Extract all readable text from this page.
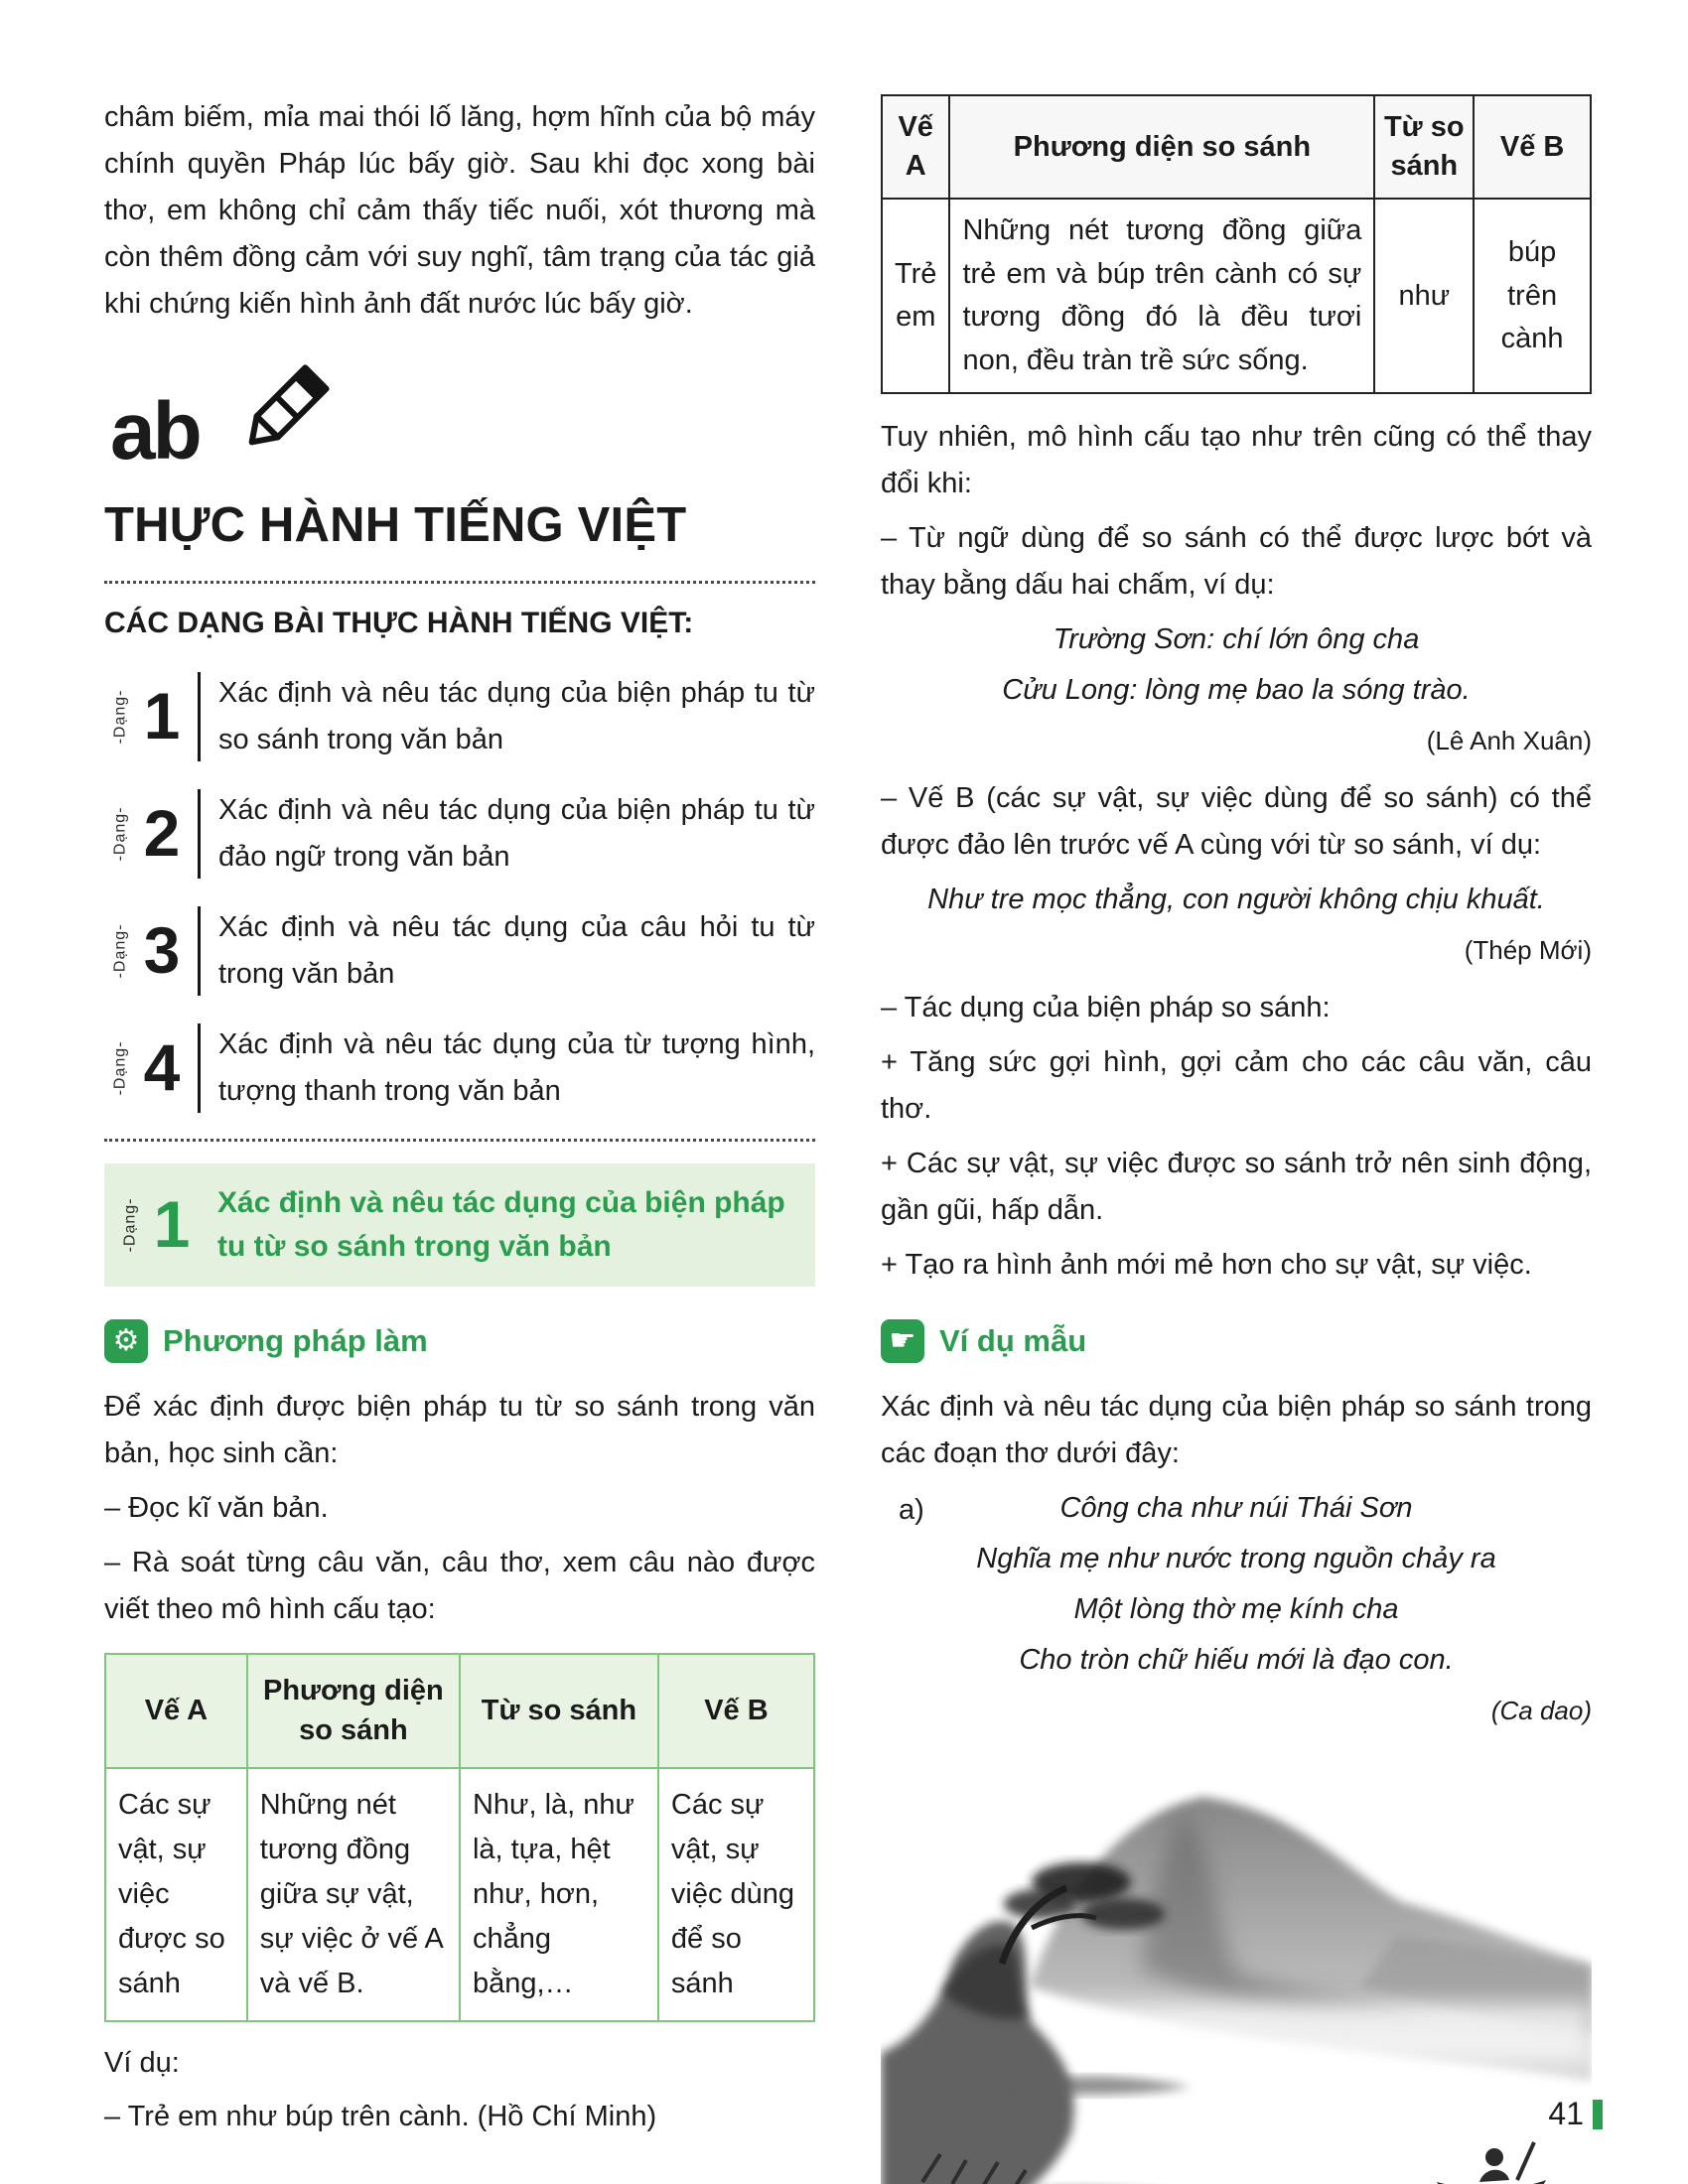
châm biếm, mỉa mai thói lố lăng, hợm hĩnh của bộ máy chính quyền Pháp lúc bấy giờ. Sau khi đọc xong bài thơ, em không chỉ cảm thấy tiếc nuối, xót thương mà còn thêm đồng cảm với suy nghĩ, tâm trạng của tác giả khi chứng kiến hình ảnh đất nước lúc bấy giờ.

ab
THỰC HÀNH TIẾNG VIỆT
CÁC DẠNG BÀI THỰC HÀNH TIẾNG VIỆT:
-Dạng- 1 Xác định và nêu tác dụng của biện pháp tu từ so sánh trong văn bản
-Dạng- 2 Xác định và nêu tác dụng của biện pháp tu từ đảo ngữ trong văn bản
-Dạng- 3 Xác định và nêu tác dụng của câu hỏi tu từ trong văn bản
-Dạng- 4 Xác định và nêu tác dụng của từ tượng hình, tượng thanh trong văn bản
-Dạng- 1 Xác định và nêu tác dụng của biện pháp tu từ so sánh trong văn bản
⚙ Phương pháp làm

Để xác định được biện pháp tu từ so sánh trong văn bản, học sinh cần:

– Đọc kĩ văn bản.

– Rà soát từng câu văn, câu thơ, xem câu nào được viết theo mô hình cấu tạo:

Vế A	Phương diện so sánh	Từ so sánh	Vế B
Các sự vật, sự việc được so sánh	Những nét tương đồng giữa sự vật, sự việc ở vế A và vế B.	Như, là, như là, tựa, hệt như, hơn, chẳng bằng,…	Các sự vật, sự việc dùng để so sánh

Ví dụ:

– Trẻ em như búp trên cành. (Hồ Chí Minh)

Vế A	Phương diện so sánh	Từ so sánh	Vế B
Trẻ em	Những nét tương đồng giữa trẻ em và búp trên cành có sự tương đồng đó là đều tươi non, đều tràn trề sức sống.	như	búp trên cành

Tuy nhiên, mô hình cấu tạo như trên cũng có thể thay đổi khi:

– Từ ngữ dùng để so sánh có thể được lược bớt và thay bằng dấu hai chấm, ví dụ:

Trường Sơn: chí lớn ông cha

Cửu Long: lòng mẹ bao la sóng trào.

(Lê Anh Xuân)

– Vế B (các sự vật, sự việc dùng để so sánh) có thể được đảo lên trước vế A cùng với từ so sánh, ví dụ:

Như tre mọc thẳng, con người không chịu khuất.

(Thép Mới)

– Tác dụng của biện pháp so sánh:

+ Tăng sức gợi hình, gợi cảm cho các câu văn, câu thơ.

+ Các sự vật, sự việc được so sánh trở nên sinh động, gần gũi, hấp dẫn.

+ Tạo ra hình ảnh mới mẻ hơn cho sự vật, sự việc.

☛ Ví dụ mẫu

Xác định và nêu tác dụng của biện pháp so sánh trong các đoạn thơ dưới đây:

a)	Công cha như núi Thái Sơn

Nghĩa mẹ như nước trong nguồn chảy ra

Một lòng thờ mẹ kính cha

Cho tròn chữ hiếu mới là đạo con.

(Ca dao)

41
